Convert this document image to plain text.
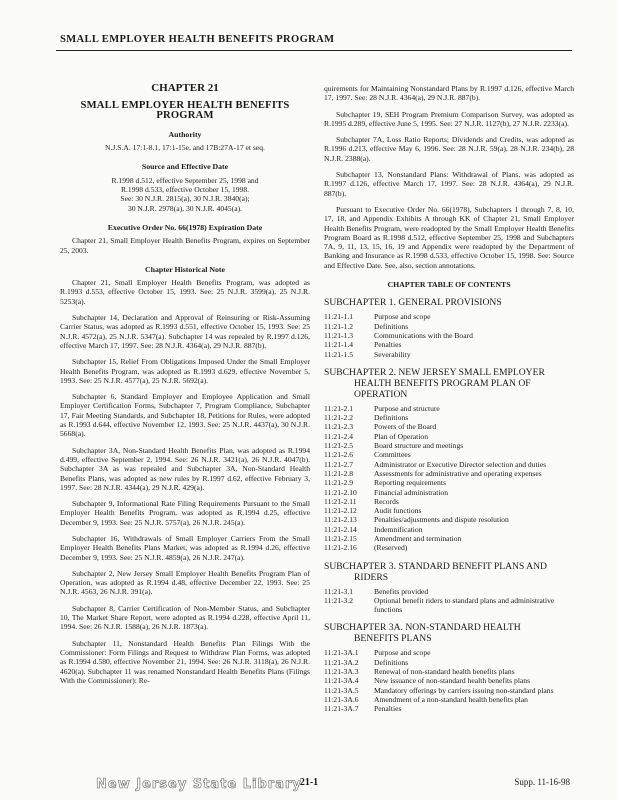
SMALL EMPLOYER HEALTH BENEFITS PROGRAM
CHAPTER 21
SMALL EMPLOYER HEALTH BENEFITS PROGRAM
Authority
N.J.S.A. 17:1-8.1, 17:1-15e, and 17B:27A-17 et seq.
Source and Effective Date
R.1998 d.512, effective September 25, 1998 and
R.1998 d.533, effective October 15, 1998.
See: 30 N.J.R. 2815(a), 30 N.J.R. 3840(a);
30 N.J.R. 2978(a), 30 N.J.R. 4045(a).
Executive Order No. 66(1978) Expiration Date

Chapter 21, Small Employer Health Benefits Program, expires on September 25, 2003.

Chapter Historical Note

Chapter 21, Small Employer Health Benefits Program, was adopted as R.1993 d.553, effective October 15, 1993. See: 25 N.J.R. 3599(a), 25 N.J.R. 5253(a).

Subchapter 14, Declaration and Approval of Reinsuring or Risk-Assuming Carrier Status, was adopted as R.1993 d.551, effective October 15, 1993. See: 25 N.J.R. 4572(a), 25 N.J.R. 5347(a). Subchapter 14 was repealed by R.1997 d.126, effective March 17, 1997. See: 28 N.J.R. 4364(a), 29 N.J.R. 887(b).

Subchapter 15, Relief From Obligations Imposed Under the Small Employer Health Benefits Program, was adopted as R.1993 d.629, effective November 5, 1993. See: 25 N.J.R. 4577(a), 25 N.J.R. 5692(a).

Subchapter 6, Standard Employer and Employee Application and Small Employer Certification Forms, Subchapter 7, Program Compliance, Subchapter 17, Fair Meeting Standards, and Subchapter 18, Petitions for Rules, were adopted as R.1993 d.644, effective November 12, 1993. See: 25 N.J.R. 4437(a), 30 N.J.R. 5668(a).

Subchapter 3A, Non-Standard Health Benefits Plan, was adopted as R.1994 d.499, effective September 2, 1994. See: 26 N.J.R. 3421(a), 26 N.J.R. 4047(b). Subchapter 3A as was repealed and Subchapter 3A, Non-Standard Health Benefits Plans, was adopted as new rules by R.1997 d.62, effective February 3, 1997. See: 28 N.J.R. 4344(a), 29 N.J.R. 429(a).

Subchapter 9, Informational Rate Filing Requirements Pursuant to the Small Employer Health Benefits Program, was adopted as R.1994 d.25, effective December 9, 1993. See: 25 N.J.R. 5757(a), 26 N.J.R. 245(a).

Subchapter 16, Withdrawals of Small Employer Carriers From the Small Employer Health Benefits Plans Market, was adopted as R.1994 d.26, effective December 9, 1993. See: 25 N.J.R. 4859(a), 26 N.J.R. 247(a).

Subchapter 2, New Jersey Small Employer Health Benefits Program Plan of Operation, was adopted as R.1994 d.48, effective December 22, 1993. See: 25 N.J.R. 4563, 26 N.J.R. 391(a).

Subchapter 8, Carrier Certification of Non-Member Status, and Subchapter 10, The Market Share Report, were adopted as R.1994 d.228, effective April 11, 1994. See: 26 N.J.R. 1588(a), 26 N.J.R. 1873(a).

Subchapter 11, Nonstandard Health Benefits Plan Filings With the Commissioner: Form Filings and Request to Withdraw Plan Forms, was adopted as R.1994 d.580, effective November 21, 1994. See: 26 N.J.R. 3118(a), 26 N.J.R. 4620(a). Subchapter 11 was renamed Nonstandard Health Benefits Plans (Filings With the Commissioner): Re-

quirements for Maintaining Nonstandard Plans by R.1997 d.126, effective March 17, 1997. See: 28 N.J.R. 4364(a), 29 N.J.R. 887(b).

Subchapter 19, SEH Program Premium Comparison Survey, was adopted as R.1995 d.289, effective June 5, 1995. See: 27 N.J.R. 1127(b), 27 N.J.R. 2233(a).

Subchapter 7A, Loss Ratio Reports; Dividends and Credits, was adopted as R.1996 d.213, effective May 6, 1996. See: 28 N.J.R. 59(a), 28 N.J.R. 234(b), 28 N.J.R. 2388(a).

Subchapter 13, Nonstandard Plans: Withdrawal of Plans, was adopted as R.1997 d.126, effective March 17, 1997. See: 28 N.J.R. 4364(a), 29 N.J.R. 887(b).

Pursuant to Executive Order No. 66(1978), Subchapters 1 through 7, 8, 10, 17, 18, and Appendix Exhibits A through KK of Chapter 21, Small Employer Health Benefits Program, were readopted by the Small Employer Health Benefits Program Board as R.1998 d.512, effective September 25, 1998 and Subchapters 7A, 9, 11, 13, 15, 16, 19 and Appendix were readopted by the Department of Banking and Insurance as R.1998 d.533, effective October 15, 1998. See: Source and Effective Date. See, also, section annotations.

CHAPTER TABLE OF CONTENTS
SUBCHAPTER 1. GENERAL PROVISIONS
11:21-1.1	Purpose and scope
11:21-1.2	Definitions
11:21-1.3	Communications with the Board
11:21-1.4	Penalties
11:21-1.5	Severability
SUBCHAPTER 2. NEW JERSEY SMALL EMPLOYER
HEALTH BENEFITS PROGRAM PLAN OF OPERATION
11:21-2.1	Purpose and structure
11:21-2.2	Definitions
11:21-2.3	Powers of the Board
11:21-2.4	Plan of Operation
11:21-2.5	Board structure and meetings
11:21-2.6	Committees
11:21-2.7	Administrator or Executive Director selection and duties
11:21-2.8	Assessments for administrative and operating expenses
11:21-2.9	Reporting requirements
11:21-2.10	Financial administration
11:21-2.11	Records
11:21-2.12	Audit functions
11:21-2.13	Penalties/adjustments and dispute resolution
11:21-2.14	Indemnification
11:21-2.15	Amendment and termination
11:21-2.16	(Reserved)
SUBCHAPTER 3. STANDARD BENEFIT PLANS AND
RIDERS
11:21-3.1	Benefits provided
11:21-3.2	Optional benefit riders to standard plans and administrative functions
SUBCHAPTER 3A. NON-STANDARD HEALTH
BENEFITS PLANS
11:21-3A.1	Purpose and scope
11:21-3A.2	Definitions
11:21-3A.3	Renewal of non-standard health benefits plans
11:21-3A.4	New issuance of non-standard health benefits plans
11:21-3A.5	Mandatory offerings by carriers issuing non-standard plans
11:21-3A.6	Amendment of a non-standard health benefits plan
11:21-3A.7	Penalties
New Jersey State Library
21-1	Supp. 11-16-98
